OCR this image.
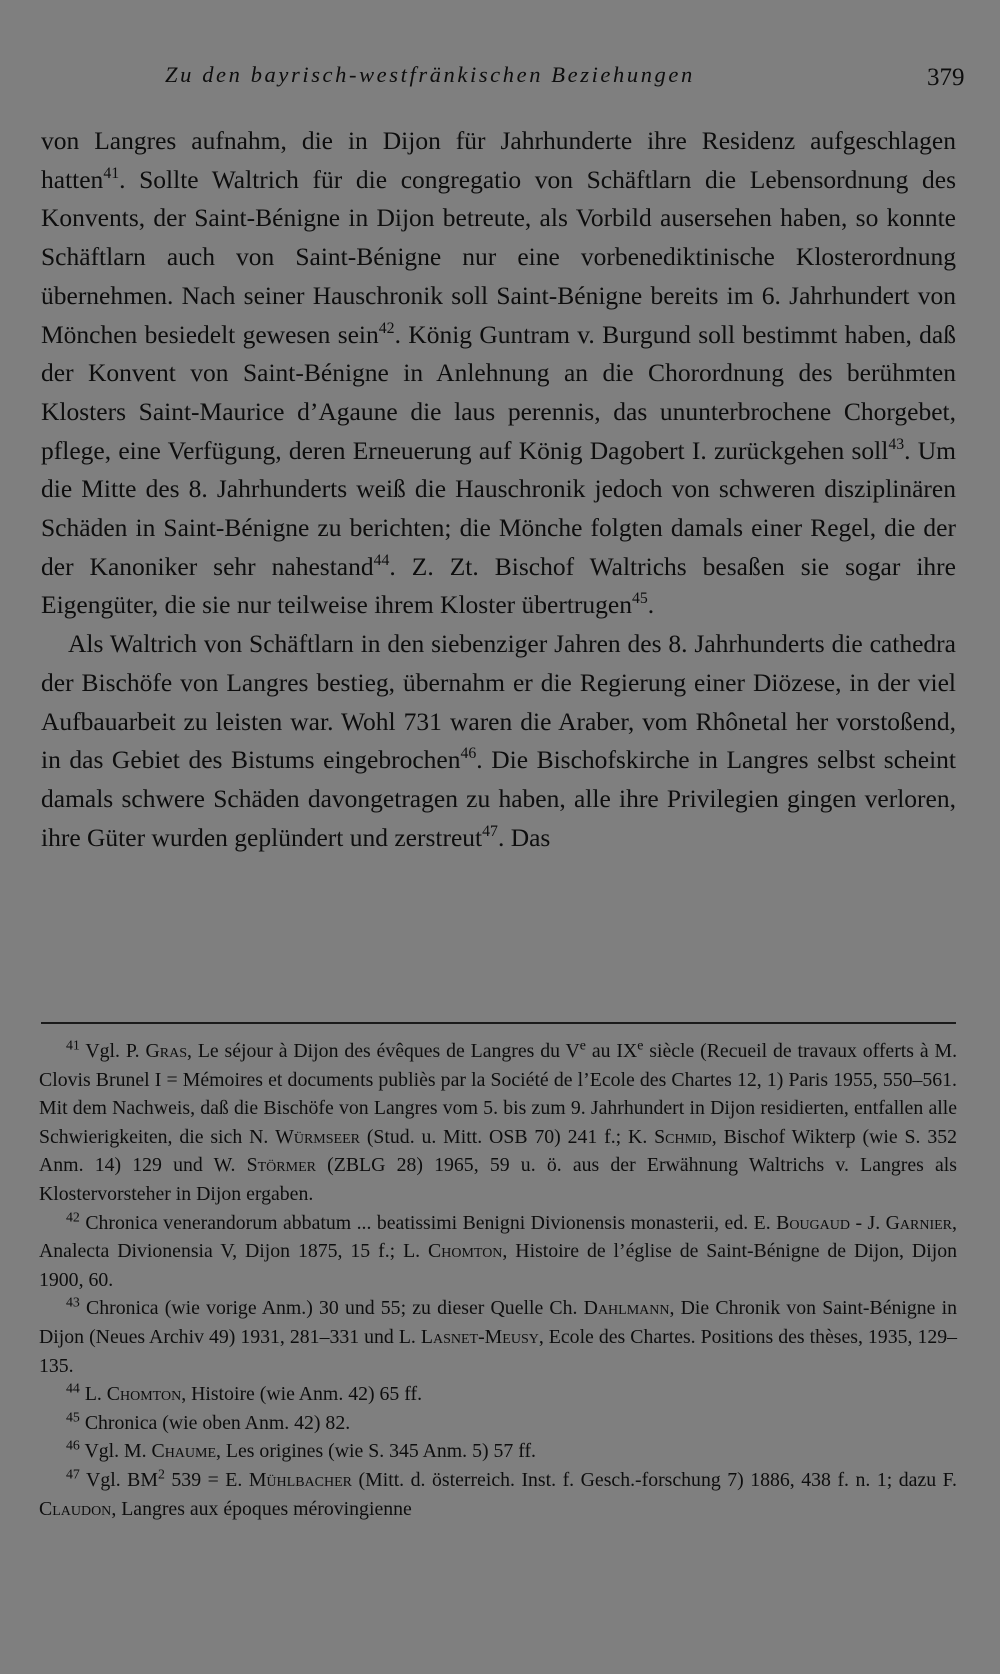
Zu den bayrisch-westfränkischen Beziehungen	379

von Langres aufnahm, die in Dijon für Jahrhunderte ihre Residenz aufgeschlagen hatten$^{41}$. Sollte Waltrich für die congregatio von Schäftlarn die Lebensordnung des Konvents, der Saint-Bénigne in Dijon betreute, als Vorbild ausersehen haben, so konnte Schäftlarn auch von Saint-Bénigne nur eine vorbenediktinische Klosterordnung übernehmen. Nach seiner Hauschronik soll Saint-Bénigne bereits im 6. Jahrhundert von Mönchen besiedelt gewesen sein$^{42}$. König Guntram v. Burgund soll bestimmt haben, daß der Konvent von Saint-Bénigne in Anlehnung an die Chorordnung des berühmten Klosters Saint-Maurice d’Agaune die laus perennis, das ununterbrochene Chorgebet, pflege, eine Verfügung, deren Erneuerung auf König Dagobert I. zurückgehen soll$^{43}$. Um die Mitte des 8. Jahrhunderts weiß die Hauschronik jedoch von schweren disziplinären Schäden in Saint-Bénigne zu berichten; die Mönche folgten damals einer Regel, die der der Kanoniker sehr nahestand$^{44}$. Z. Zt. Bischof Waltrichs besaßen sie sogar ihre Eigengüter, die sie nur teilweise ihrem Kloster übertrugen$^{45}$.

Als Waltrich von Schäftlarn in den siebenziger Jahren des 8. Jahrhunderts die cathedra der Bischöfe von Langres bestieg, übernahm er die Regierung einer Diözese, in der viel Aufbauarbeit zu leisten war. Wohl 731 waren die Araber, vom Rhônetal her vorstoßend, in das Gebiet des Bistums eingebrochen$^{46}$. Die Bischofskirche in Langres selbst scheint damals schwere Schäden davongetragen zu haben, alle ihre Privilegien gingen verloren, ihre Güter wurden geplündert und zerstreut$^{47}$. Das

$^{41}$ Vgl. P. Gras, Le séjour à Dijon des évêques de Langres du Ve au IXe siècle (Recueil de travaux offerts à M. Clovis Brunel I = Mémoires et documents publiès par la Société de l’Ecole des Chartes 12, 1) Paris 1955, 550–561. Mit dem Nachweis, daß die Bischöfe von Langres vom 5. bis zum 9. Jahrhundert in Dijon residierten, entfallen alle Schwierigkeiten, die sich N. Würmseer (Stud. u. Mitt. OSB 70) 241 f.; K. Schmid, Bischof Wikterp (wie S. 352 Anm. 14) 129 und W. Störmer (ZBLG 28) 1965, 59 u. ö. aus der Erwähnung Waltrichs v. Langres als Klostervorsteher in Dijon ergaben.

$^{42}$ Chronica venerandorum abbatum ... beatissimi Benigni Divionensis monasterii, ed. E. Bougaud - J. Garnier, Analecta Divionensia V, Dijon 1875, 15 f.; L. Chomton, Histoire de l’église de Saint-Bénigne de Dijon, Dijon 1900, 60.

$^{43}$ Chronica (wie vorige Anm.) 30 und 55; zu dieser Quelle Ch. Dahlmann, Die Chronik von Saint-Bénigne in Dijon (Neues Archiv 49) 1931, 281–331 und L. Lasnet-Meusy, Ecole des Chartes. Positions des thèses, 1935, 129–135.

$^{44}$ L. Chomton, Histoire (wie Anm. 42) 65 ff.

$^{45}$ Chronica (wie oben Anm. 42) 82.

$^{46}$ Vgl. M. Chaume, Les origines (wie S. 345 Anm. 5) 57 ff.

$^{47}$ Vgl. $BM^2$ 539 = E. Mühlbacher (Mitt. d. österreich. Inst. f. Gesch.-forschung 7) 1886, 438 f. n. 1; dazu F. Claudon, Langres aux époques mérovingienne
